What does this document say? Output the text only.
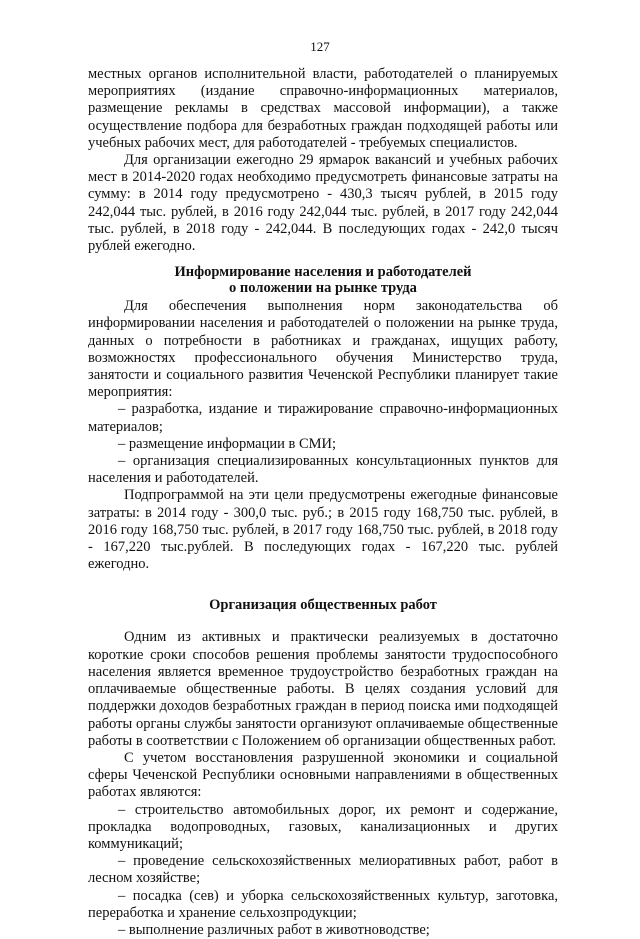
127

местных органов исполнительной власти, работодателей о планируемых мероприятиях (издание справочно-информационных материалов, размещение рекламы в средствах массовой информации), а также осуществление подбора для безработных граждан подходящей работы или учебных рабочих мест, для работодателей - требуемых специалистов.

Для организации ежегодно 29 ярмарок вакансий и учебных рабочих мест в 2014-2020 годах необходимо предусмотреть финансовые затраты на сумму: в 2014 году предусмотрено - 430,3 тысяч рублей, в 2015 году 242,044 тыс. рублей, в 2016 году 242,044 тыс. рублей, в 2017 году 242,044 тыс. рублей, в 2018 году - 242,044. В последующих годах - 242,0 тысяч рублей ежегодно.

Информирование населения и работодателей
о положении на рынке труда

Для обеспечения выполнения норм законодательства об информировании населения и работодателей о положении на рынке труда, данных о потребности в работниках и гражданах, ищущих работу, возможностях профессионального обучения Министерство труда, занятости и социального развития Чеченской Республики планирует такие мероприятия:

– разработка, издание и тиражирование справочно-информационных материалов;

– размещение информации в СМИ;

– организация специализированных консультационных пунктов для населения и работодателей.

Подпрограммой на эти цели предусмотрены ежегодные финансовые затраты: в 2014 году - 300,0 тыс. руб.; в 2015 году 168,750 тыс. рублей, в 2016 году 168,750 тыс. рублей, в 2017 году 168,750 тыс. рублей, в 2018 году - 167,220 тыс.рублей. В последующих годах - 167,220 тыс. рублей ежегодно.

Организация общественных работ

Одним из активных и практически реализуемых в достаточно короткие сроки способов решения проблемы занятости трудоспособного населения является временное трудоустройство безработных граждан на оплачиваемые общественные работы. В целях создания условий для поддержки доходов безработных граждан в период поиска ими подходящей работы органы службы занятости организуют оплачиваемые общественные работы в соответствии с Положением об организации общественных работ.

С учетом восстановления разрушенной экономики и социальной сферы Чеченской Республики основными направлениями в общественных работах являются:

– строительство автомобильных дорог, их ремонт и содержание, прокладка водопроводных, газовых, канализационных и других коммуникаций;

– проведение сельскохозяйственных мелиоративных работ, работ в лесном хозяйстве;

– посадка (сев) и уборка сельскохозяйственных культур, заготовка, переработка и хранение сельхозпродукции;

– выполнение различных работ в животноводстве;
